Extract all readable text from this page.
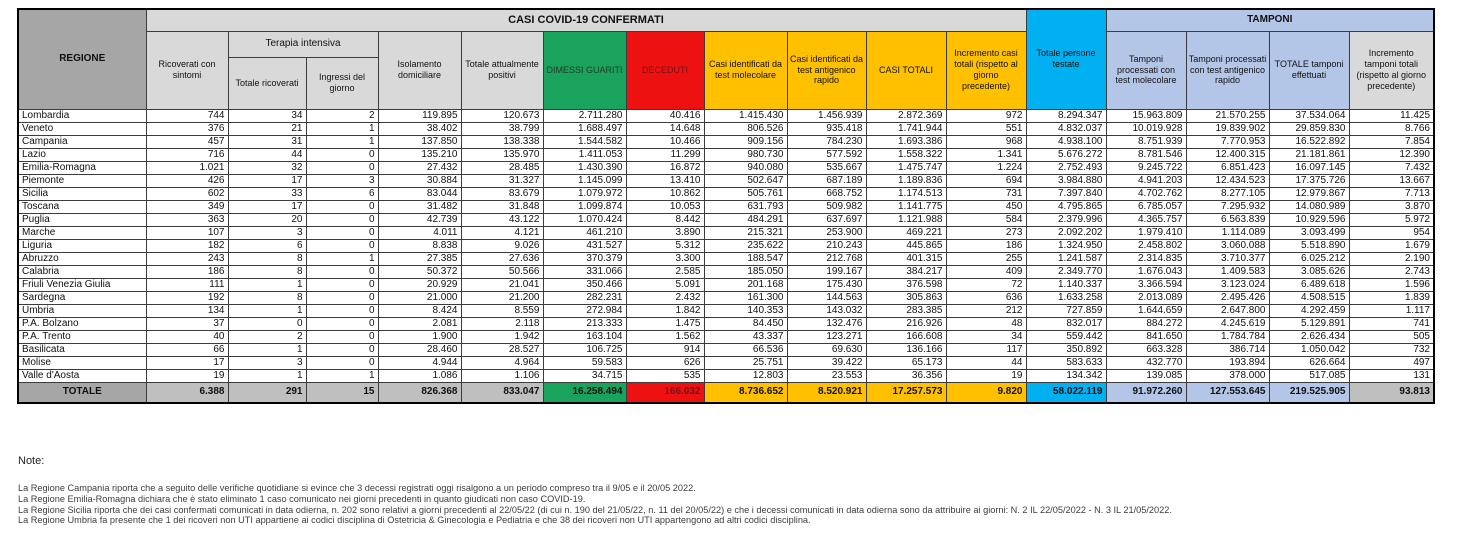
REGIONE	CASI COVID-19 CONFERMATI											Totale persone testate	TAMPONI			
	Ricoverati con sintomi	Terapia intensiva		Isolamento domiciliare	Totale attualmente positivi	DIMESSI GUARITI	DECEDUTI	Casi identificati da test molecolare	Casi identificati da test antigenico rapido	CASI TOTALI	Incremento casi totali (rispetto al giorno precedente)		Tamponi processati con test molecolare	Tamponi processati con test antigenico rapido	TOTALE tamponi effettuati	Incremento tamponi totali (rispetto al giorno precedente)
		Totale ricoverati	Ingressi del giorno													
Lombardia	744	34	2	119.895	120.673	2.711.280	40.416	1.415.430	1.456.939	2.872.369	972	8.294.347	15.963.809	21.570.255	37.534.064	11.425
Veneto	376	21	1	38.402	38.799	1.688.497	14.648	806.526	935.418	1.741.944	551	4.832.037	10.019.928	19.839.902	29.859.830	8.766
Campania	457	31	1	137.850	138.338	1.544.582	10.466	909.156	784.230	1.693.386	968	4.938.100	8.751.939	7.770.953	16.522.892	7.854
Lazio	716	44	0	135.210	135.970	1.411.053	11.299	980.730	577.592	1.558.322	1.341	5.676.272	8.781.546	12.400.315	21.181.861	12.390
Emilia-Romagna	1.021	32	0	27.432	28.485	1.430.390	16.872	940.080	535.667	1.475.747	1.224	2.752.493	9.245.722	6.851.423	16.097.145	7.432
Piemonte	426	17	3	30.884	31.327	1.145.099	13.410	502.647	687.189	1.189.836	694	3.984.880	4.941.203	12.434.523	17.375.726	13.667
Sicilia	602	33	6	83.044	83.679	1.079.972	10.862	505.761	668.752	1.174.513	731	7.397.840	4.702.762	8.277.105	12.979.867	7.713
Toscana	349	17	0	31.482	31.848	1.099.874	10.053	631.793	509.982	1.141.775	450	4.795.865	6.785.057	7.295.932	14.080.989	3.870
Puglia	363	20	0	42.739	43.122	1.070.424	8.442	484.291	637.697	1.121.988	584	2.379.996	4.365.757	6.563.839	10.929.596	5.972
Marche	107	3	0	4.011	4.121	461.210	3.890	215.321	253.900	469.221	273	2.092.202	1.979.410	1.114.089	3.093.499	954
Liguria	182	6	0	8.838	9.026	431.527	5.312	235.622	210.243	445.865	186	1.324.950	2.458.802	3.060.088	5.518.890	1.679
Abruzzo	243	8	1	27.385	27.636	370.379	3.300	188.547	212.768	401.315	255	1.241.587	2.314.835	3.710.377	6.025.212	2.190
Calabria	186	8	0	50.372	50.566	331.066	2.585	185.050	199.167	384.217	409	2.349.770	1.676.043	1.409.583	3.085.626	2.743
Friuli Venezia Giulia	111	1	0	20.929	21.041	350.466	5.091	201.168	175.430	376.598	72	1.140.337	3.366.594	3.123.024	6.489.618	1.596
Sardegna	192	8	0	21.000	21.200	282.231	2.432	161.300	144.563	305.863	636	1.633.258	2.013.089	2.495.426	4.508.515	1.839
Umbria	134	1	0	8.424	8.559	272.984	1.842	140.353	143.032	283.385	212	727.859	1.644.659	2.647.800	4.292.459	1.117
P.A. Bolzano	37	0	0	2.081	2.118	213.333	1.475	84.450	132.476	216.926	48	832.017	884.272	4.245.619	5.129.891	741
P.A. Trento	40	2	0	1.900	1.942	163.104	1.562	43.337	123.271	166.608	34	559.442	841.650	1.784.784	2.626.434	505
Basilicata	66	1	0	28.460	28.527	106.725	914	66.536	69.630	136.166	117	350.892	663.328	386.714	1.050.042	732
Molise	17	3	0	4.944	4.964	59.583	626	25.751	39.422	65.173	44	583.633	432.770	193.894	626.664	497
Valle d'Aosta	19	1	1	1.086	1.106	34.715	535	12.803	23.553	36.356	19	134.342	139.085	378.000	517.085	131
TOTALE	6.388	291	15	826.368	833.047	16.258.494	166.032	8.736.652	8.520.921	17.257.573	9.820	58.022.119	91.972.260	127.553.645	219.525.905	93.813

Note:

La Regione Campania riporta che a seguito delle verifiche quotidiane si evince che 3 decessi registrati oggi risalgono a un periodo compreso tra il 9/05 e il 20/05 2022.

La Regione Emilia-Romagna dichiara che è stato eliminato 1 caso comunicato nei giorni precedenti in quanto giudicati non caso COVID-19.

La Regione Sicilia riporta che dei casi confermati comunicati in data odierna, n. 202 sono relativi a giorni precedenti al 22/05/22 (di cui n. 190 del 21/05/22, n. 11 del 20/05/22) e che i decessi comunicati in data odierna sono da attribuire ai giorni: N. 2 IL 22/05/2022 - N. 3 IL 21/05/2022.

La Regione Umbria fa presente che 1 dei ricoveri non UTI appartiene ai codici disciplina di Ostetricia & Ginecologia e Pediatria e che 38 dei ricoveri non UTI appartengono ad altri codici disciplina.
